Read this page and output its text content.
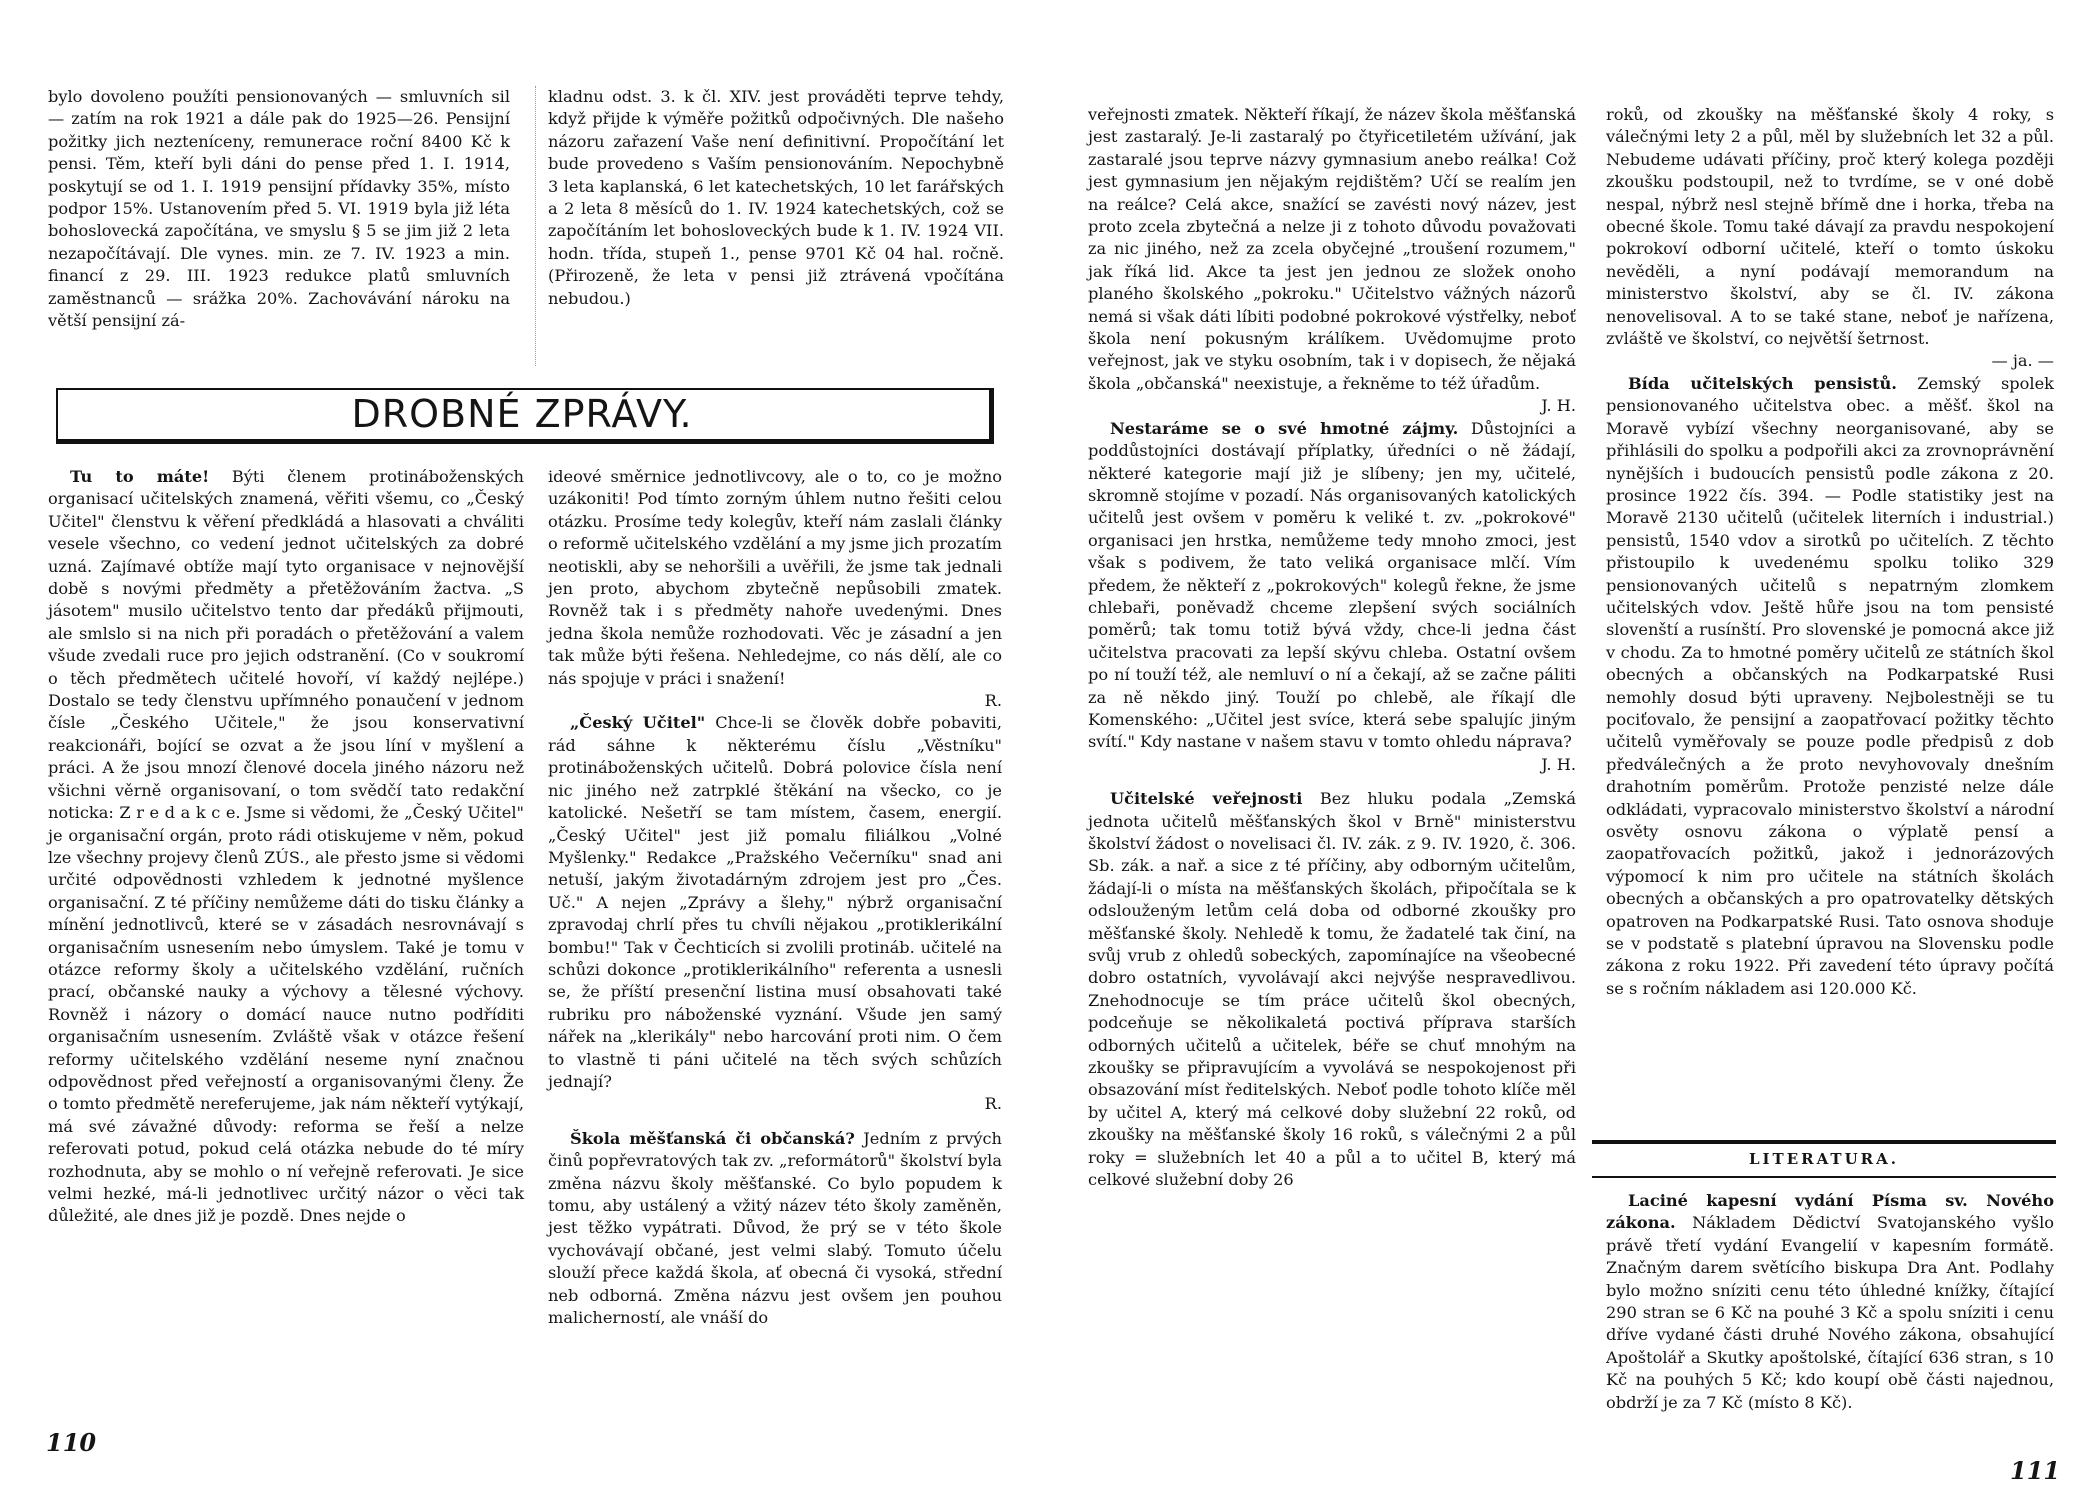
bylo dovoleno použíti pensionovaných — smluvních sil — zatím na rok 1921 a dále pak do 1925—26. Pensijní požitky jich nezteníceny, remunerace roční 8400 Kč k pensi. Těm, kteří byli dáni do pense před 1. I. 1914, poskytují se od 1. I. 1919 pensijní přídavky 35%, místo podpor 15%. Ustanovením před 5. VI. 1919 byla již léta bohoslovecká započítána, ve smyslu § 5 se jim již 2 leta nezapočítávají. Dle vynes. min. ze 7. IV. 1923 a min. financí z 29. III. 1923 redukce platů smluvních zaměstnanců — srážka 20%. Zachovávání nároku na větší pensijní zá-

kladnu odst. 3. k čl. XIV. jest prováděti teprve tehdy, když přijde k výměře požitků odpočivných. Dle našeho názoru zařazení Vaše není definitivní. Propočítání let bude provedeno s Vaším pensionováním. Nepochybně 3 leta kaplanská, 6 let katechetských, 10 let farářských a 2 leta 8 měsíců do 1. IV. 1924 katechetských, což se započítáním let bohosloveckých bude k 1. IV. 1924 VII. hodn. třída, stupeň 1., pense 9701 Kč 04 hal. ročně. (Přirozeně, že leta v pensi již ztrávená vpočítána nebudou.)

DROBNÉ ZPRÁVY.

Tu to máte! Býti členem protináboženských organisací učitelských znamená, věřiti všemu, co „Český Učitel" členstvu k věření předkládá a hlasovati a chváliti vesele všechno, co vedení jednot učitelských za dobré uzná. Zajímavé obtíže mají tyto organisace v nejnovější době s novými předměty a přetěžováním žactva. „S jásotem" musilo učitelstvo tento dar předáků přijmouti, ale smlslo si na nich při poradách o přetěžování a valem všude zvedali ruce pro jejich odstranění. (Co v soukromí o těch předmětech učitelé hovoří, ví každý nejlépe.) Dostalo se tedy členstvu upřímného ponaučení v jednom čísle „Českého Učitele," že jsou konservativní reakcionáři, bojící se ozvat a že jsou líní v myšlení a práci. A že jsou mnozí členové docela jiného názoru než všichni věrně organisovaní, o tom svědčí tato redakční noticka: Z r e d a k c e. Jsme si vědomi, že „Český Učitel" je organisační orgán, proto rádi otiskujeme v něm, pokud lze všechny projevy členů ZÚS., ale přesto jsme si vědomi určité odpovědnosti vzhledem k jednotné myšlence organisační. Z té příčiny nemůžeme dáti do tisku články a mínění jednotlivců, které se v zásadách nesrovnávají s organisačním usnesením nebo úmyslem. Také je tomu v otázce reformy školy a učitelského vzdělání, ručních prací, občanské nauky a výchovy a tělesné výchovy. Rovněž i názory o domácí nauce nutno podříditi organisačním usnesením. Zvláště však v otázce řešení reformy učitelského vzdělání neseme nyní značnou odpovědnost před veřejností a organisovanými členy. Že o tomto předmětě nereferujeme, jak nám někteří vytýkají, má své závažné důvody: reforma se řeší a nelze referovati potud, pokud celá otázka nebude do té míry rozhodnuta, aby se mohlo o ní veřejně referovati. Je sice velmi hezké, má-li jednotlivec určitý názor o věci tak důležité, ale dnes již je pozdě. Dnes nejde o

ideové směrnice jednotlivcovy, ale o to, co je možno uzákoniti! Pod tímto zorným úhlem nutno řešiti celou otázku. Prosíme tedy kolegův, kteří nám zaslali články o reformě učitelského vzdělání a my jsme jich prozatím neotiskli, aby se nehoršili a uvěřili, že jsme tak jednali jen proto, abychom zbytečně nepůsobili zmatek. Rovněž tak i s předměty nahoře uvedenými. Dnes jedna škola nemůže rozhodovati. Věc je zásadní a jen tak může býti řešena. Nehledejme, co nás dělí, ale co nás spojuje v práci i snažení!

R.

„Český Učitel" Chce-li se člověk dobře pobaviti, rád sáhne k některému číslu „Věstníku" protináboženských učitelů. Dobrá polovice čísla není nic jiného než zatrpklé štěkání na všecko, co je katolické. Nešetří se tam místem, časem, energií. „Český Učitel" jest již pomalu filiálkou „Volné Myšlenky." Redakce „Pražského Večerníku" snad ani netuší, jakým životadárným zdrojem jest pro „Čes. Uč." A nejen „Zprávy a šlehy," nýbrž organisační zpravodaj chrlí přes tu chvíli nějakou „protiklerikální bombu!" Tak v Čechticích si zvolili protináb. učitelé na schůzi dokonce „protiklerikálního" referenta a usnesli se, že příští presenční listina musí obsahovati také rubriku pro náboženské vyznání. Všude jen samý nářek na „klerikály" nebo harcování proti nim. O čem to vlastně ti páni učitelé na těch svých schůzích jednají?

R.

Škola měšťanská či občanská? Jedním z prvých činů popřevratových tak zv. „reformátorů" školství byla změna názvu školy měšťanské. Co bylo popudem k tomu, aby ustálený a vžitý název této školy zaměněn, jest těžko vypátrati. Důvod, že prý se v této škole vychovávají občané, jest velmi slabý. Tomuto účelu slouží přece každá škola, ať obecná či vysoká, střední neb odborná. Změna názvu jest ovšem jen pouhou malicherností, ale vnáší do

110

veřejnosti zmatek. Někteří říkají, že název škola měšťanská jest zastaralý. Je-li zastaralý po čtyřicetiletém užívání, jak zastaralé jsou teprve názvy gymnasium anebo reálka! Což jest gymnasium jen nějakým rejdištěm? Učí se realím jen na reálce? Celá akce, snažící se zavésti nový název, jest proto zcela zbytečná a nelze ji z tohoto důvodu považovati za nic jiného, než za zcela obyčejné „troušení rozumem," jak říká lid. Akce ta jest jen jednou ze složek onoho planého školského „pokroku." Učitelstvo vážných názorů nemá si však dáti líbiti podobné pokrokové výstřelky, neboť škola není pokusným králíkem. Uvědomujme proto veřejnost, jak ve styku osobním, tak i v dopisech, že nějaká škola „občanská" neexistuje, a řekněme to též úřadům.

J. H.

Nestaráme se o své hmotné zájmy. Důstojníci a poddůstojníci dostávají příplatky, úředníci o ně žádají, některé kategorie mají již je slíbeny; jen my, učitelé, skromně stojíme v pozadí. Nás organisovaných katolických učitelů jest ovšem v poměru k veliké t. zv. „pokrokové" organisaci jen hrstka, nemůžeme tedy mnoho zmoci, jest však s podivem, že tato veliká organisace mlčí. Vím předem, že někteří z „pokrokových" kolegů řekne, že jsme chlebaři, poněvadž chceme zlepšení svých sociálních poměrů; tak tomu totiž bývá vždy, chce-li jedna část učitelstva pracovati za lepší skývu chleba. Ostatní ovšem po ní touží též, ale nemluví o ní a čekají, až se začne páliti za ně někdo jiný. Touží po chlebě, ale říkají dle Komenského: „Učitel jest svíce, která sebe spalujíc jiným svítí." Kdy nastane v našem stavu v tomto ohledu náprava?

J. H.

Učitelské veřejnosti Bez hluku podala „Zemská jednota učitelů měšťanských škol v Brně" ministerstvu školství žádost o novelisaci čl. IV. zák. z 9. IV. 1920, č. 306. Sb. zák. a nař. a sice z té příčiny, aby odborným učitelům, žádají-li o místa na měšťanských školách, připočítala se k odslouženým letům celá doba od odborné zkoušky pro měšťanské školy. Nehledě k tomu, že žadatelé tak činí, na svůj vrub z ohledů sobeckých, zapomínajíce na všeobecné dobro ostatních, vyvolávají akci nejvýše nespravedlivou. Znehodnocuje se tím práce učitelů škol obecných, podceňuje se několikaletá poctivá příprava starších odborných učitelů a učitelek, béře se chuť mnohým na zkoušky se připravujícím a vyvolává se nespokojenost při obsazování míst ředitelských. Neboť podle tohoto klíče měl by učitel A, který má celkové doby služební 22 roků, od zkoušky na měšťanské školy 16 roků, s válečnými 2 a půl roky = služebních let 40 a půl a to učitel B, který má celkové služební doby 26

roků, od zkoušky na měšťanské školy 4 roky, s válečnými lety 2 a půl, měl by služebních let 32 a půl. Nebudeme udávati příčiny, proč který kolega později zkoušku podstoupil, než to tvrdíme, se v oné době nespal, nýbrž nesl stejně břímě dne i horka, třeba na obecné škole. Tomu také dávají za pravdu nespokojení pokrokoví odborní učitelé, kteří o tomto úskoku nevěděli, a nyní podávají memorandum na ministerstvo školství, aby se čl. IV. zákona nenovelisoval. A to se také stane, neboť je nařízena, zvláště ve školství, co největší šetrnost.

— ja. —

Bída učitelských pensistů. Zemský spolek pensionovaného učitelstva obec. a měšť. škol na Moravě vybízí všechny neorganisované, aby se přihlásili do spolku a podpořili akci za zrovnoprávnění nynějších i budoucích pensistů podle zákona z 20. prosince 1922 čís. 394. — Podle statistiky jest na Moravě 2130 učitelů (učitelek literních i industrial.) pensistů, 1540 vdov a sirotků po učitelích. Z těchto přistoupilo k uvedenému spolku toliko 329 pensionovaných učitelů s nepatrným zlomkem učitelských vdov. Ještě hůře jsou na tom pensisté slovenští a rusínští. Pro slovenské je pomocná akce již v chodu. Za to hmotné poměry učitelů ze státních škol obecných a občanských na Podkarpatské Rusi nemohly dosud býti upraveny. Nejbolestněji se tu pociťovalo, že pensijní a zaopatřovací požitky těchto učitelů vyměřovaly se pouze podle předpisů z dob předválečných a že proto nevyhovovaly dnešním drahotním poměrům. Protože penzisté nelze dále odkládati, vypracovalo ministerstvo školství a národní osvěty osnovu zákona o výplatě pensí a zaopatřovacích požitků, jakož i jednorázových výpomocí k nim pro učitele na státních školách obecných a občanských a pro opatrovatelky dětských opatroven na Podkarpatské Rusi. Tato osnova shoduje se v podstatě s platební úpravou na Slovensku podle zákona z roku 1922. Při zavedení této úpravy počítá se s ročním nákladem asi 120.000 Kč.

LITERATURA.

Laciné kapesní vydání Písma sv. Nového zákona. Nákladem Dědictví Svatojanského vyšlo právě třetí vydání Evangelií v kapesním formátě. Značným darem světícího biskupa Dra Ant. Podlahy bylo možno sníziti cenu této úhledné knížky, čítající 290 stran se 6 Kč na pouhé 3 Kč a spolu sníziti i cenu dříve vydané části druhé Nového zákona, obsahující Apoštolář a Skutky apoštolské, čítající 636 stran, s 10 Kč na pouhých 5 Kč; kdo koupí obě části najednou, obdrží je za 7 Kč (místo 8 Kč).

111
